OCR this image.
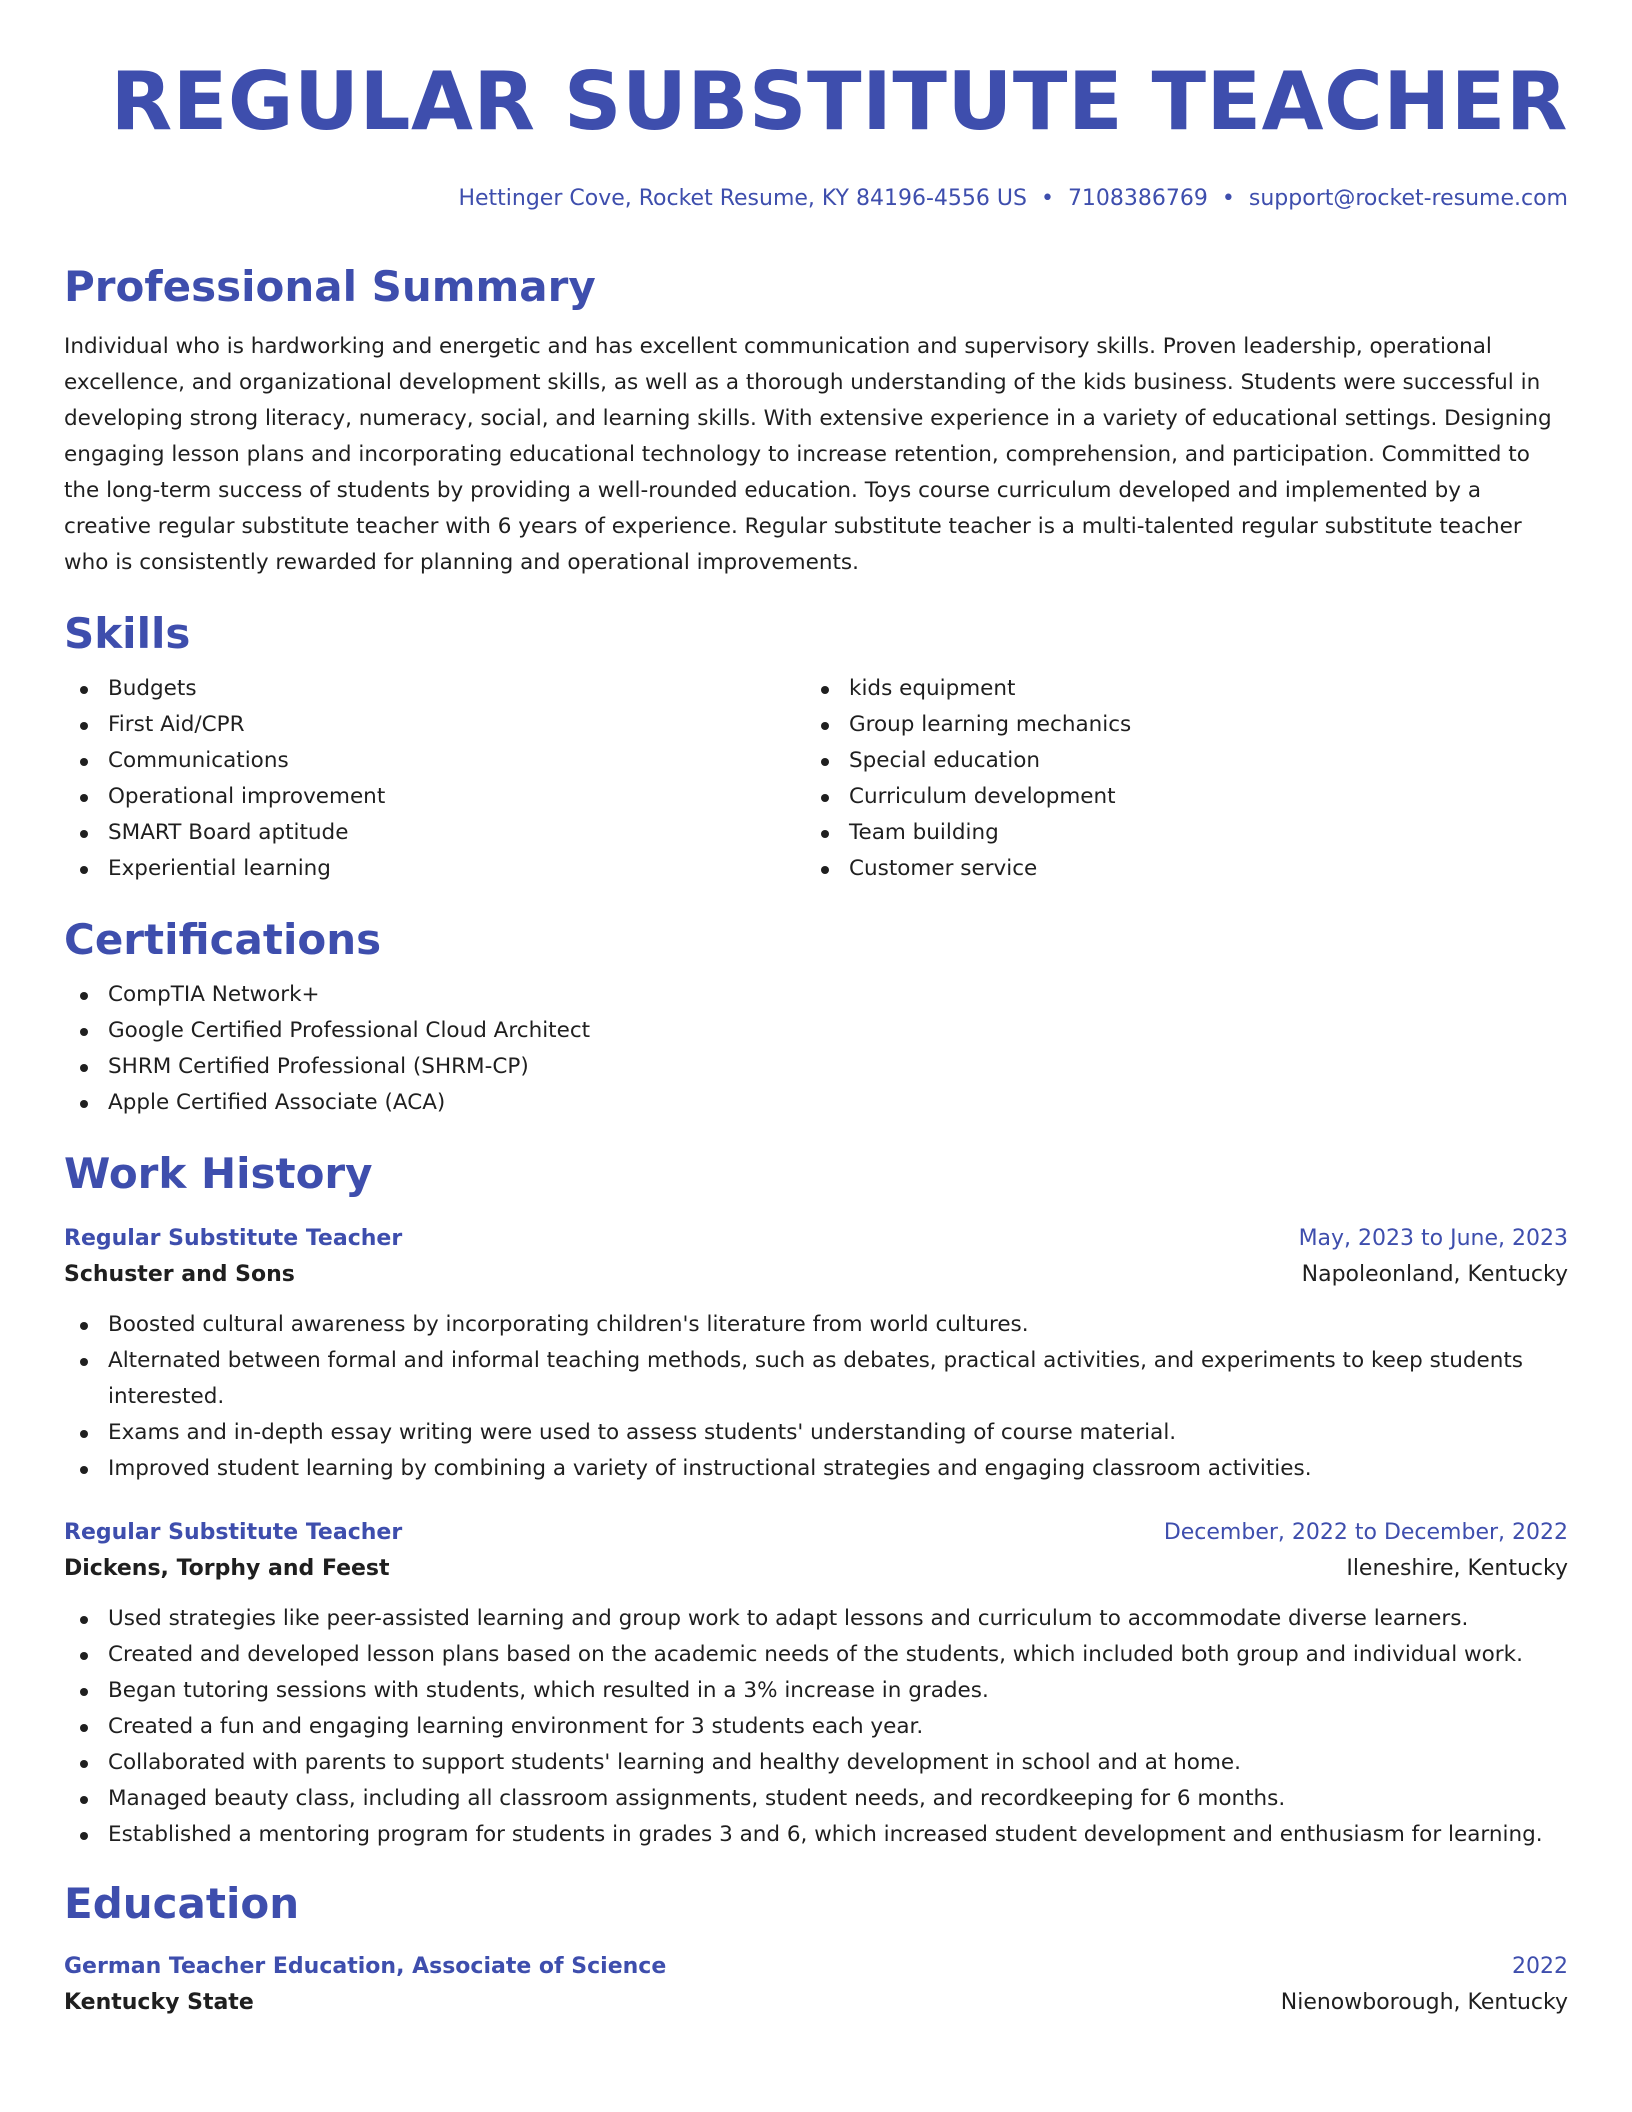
REGULAR SUBSTITUTE TEACHER
Hettinger Cove, Rocket Resume, KY 84196-4556 US • 7108386769 • support@rocket-resume.com
Professional Summary

Individual who is hardworking and energetic and has excellent communication and supervisory skills. Proven leadership, operational excellence, and organizational development skills, as well as a thorough understanding of the kids business. Students were successful in developing strong literacy, numeracy, social, and learning skills. With extensive experience in a variety of educational settings. Designing engaging lesson plans and incorporating educational technology to increase retention, comprehension, and participation. Committed to the long-term success of students by providing a well-rounded education. Toys course curriculum developed and implemented by a creative regular substitute teacher with 6 years of experience. Regular substitute teacher is a multi-talented regular substitute teacher who is consistently rewarded for planning and operational improvements.

Skills
Budgets
First Aid/CPR
Communications
Operational improvement
SMART Board aptitude
Experiential learning
kids equipment
Group learning mechanics
Special education
Curriculum development
Team building
Customer service
Certifications
CompTIA Network+
Google Certified Professional Cloud Architect
SHRM Certified Professional (SHRM-CP)
Apple Certified Associate (ACA)
Work History
Regular Substitute Teacher	May, 2023 to June, 2023
Schuster and Sons	Napoleonland, Kentucky
Boosted cultural awareness by incorporating children's literature from world cultures.
Alternated between formal and informal teaching methods, such as debates, practical activities, and experiments to keep students interested.
Exams and in-depth essay writing were used to assess students' understanding of course material.
Improved student learning by combining a variety of instructional strategies and engaging classroom activities.
Regular Substitute Teacher	December, 2022 to December, 2022
Dickens, Torphy and Feest	Ileneshire, Kentucky
Used strategies like peer-assisted learning and group work to adapt lessons and curriculum to accommodate diverse learners.
Created and developed lesson plans based on the academic needs of the students, which included both group and individual work.
Began tutoring sessions with students, which resulted in a 3% increase in grades.
Created a fun and engaging learning environment for 3 students each year.
Collaborated with parents to support students' learning and healthy development in school and at home.
Managed beauty class, including all classroom assignments, student needs, and recordkeeping for 6 months.
Established a mentoring program for students in grades 3 and 6, which increased student development and enthusiasm for learning.
Education
German Teacher Education, Associate of Science	2022
Kentucky State	Nienowborough, Kentucky
